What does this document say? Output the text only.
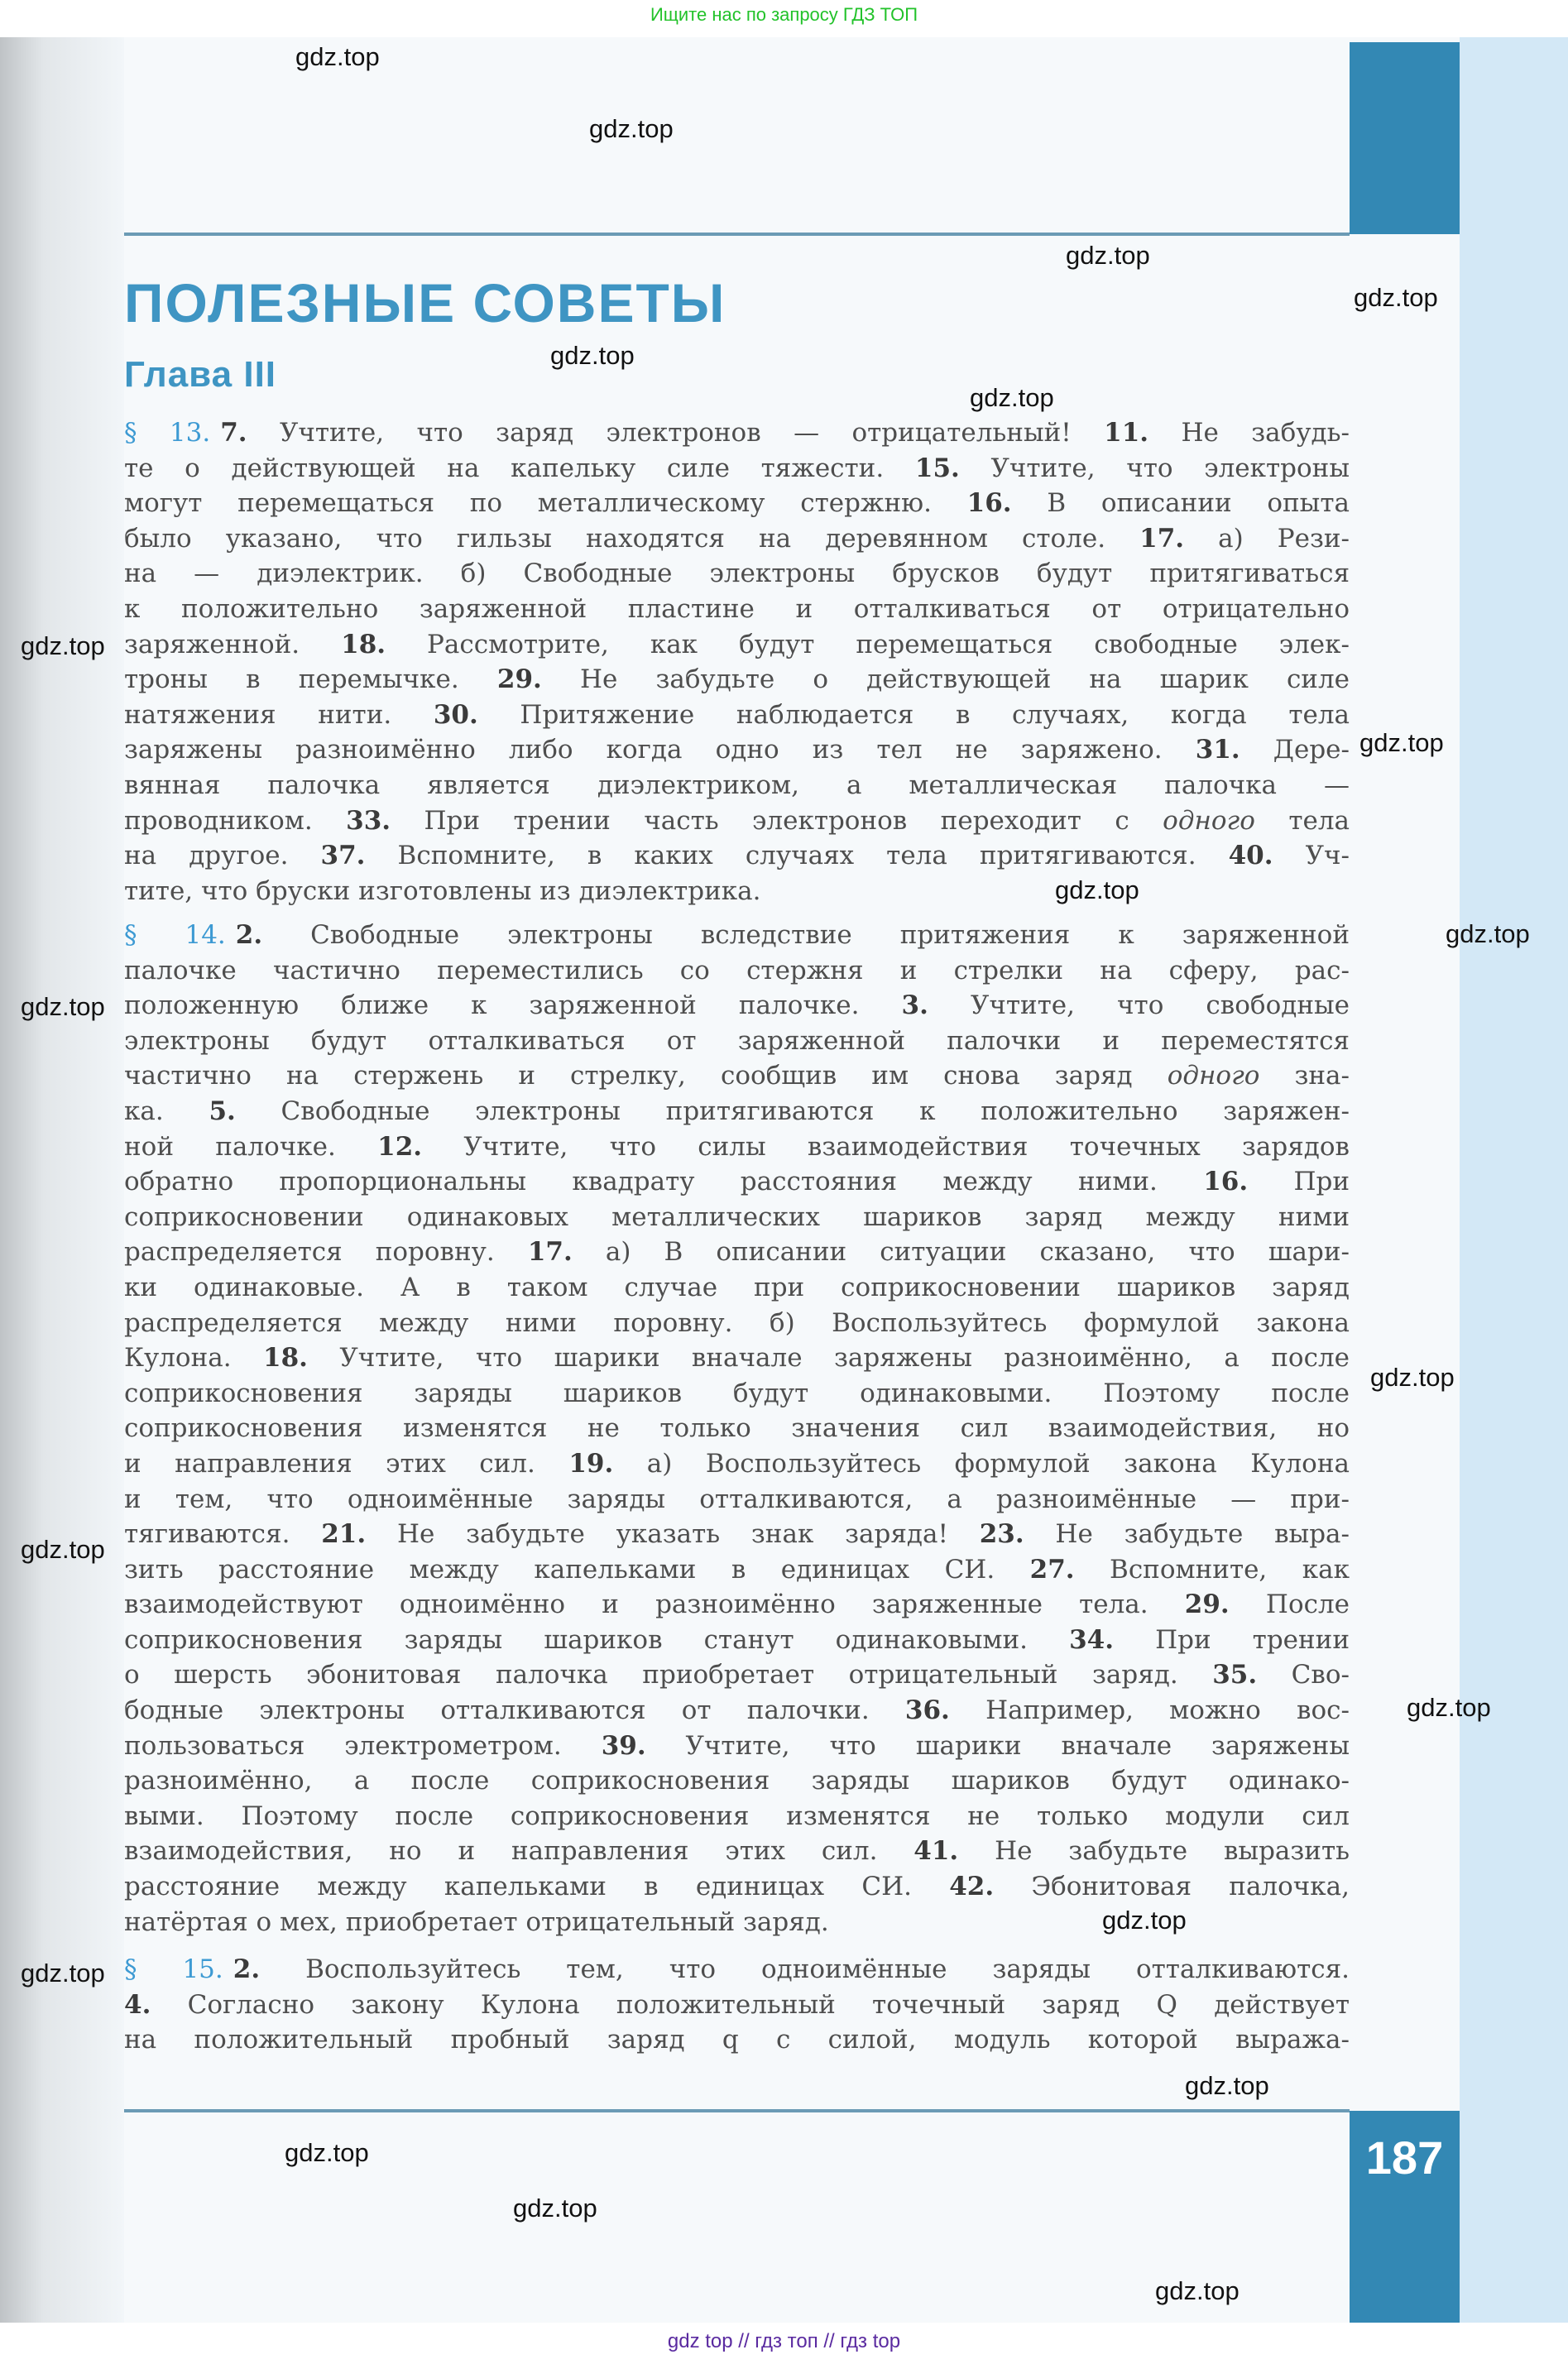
Ищите нас по запросу ГДЗ ТОП
ПОЛЕЗНЫЕ СОВЕТЫ
Глава III
§ 13. 7. Учтите, что заряд электронов — отрицательный! 11. Не забудь-
те о действующей на капельку силе тяжести. 15. Учтите, что электроны
могут перемещаться по металлическому стержню. 16. В описании опыта
было указано, что гильзы находятся на деревянном столе. 17. а) Рези-
на — диэлектрик. б) Свободные электроны брусков будут притягиваться
к положительно заряженной пластине и отталкиваться от отрицательно
заряженной. 18. Рассмотрите, как будут перемещаться свободные элек-
троны в перемычке. 29. Не забудьте о действующей на шарик силе
натяжения нити. 30. Притяжение наблюдается в случаях, когда тела
заряжены разноимённо либо когда одно из тел не заряжено. 31. Дере-
вянная палочка является диэлектриком, а металлическая палочка —
проводником. 33. При трении часть электронов переходит с одного тела
на другое. 37. Вспомните, в каких случаях тела притягиваются. 40. Уч-
тите, что бруски изготовлены из диэлектрика.
§ 14. 2. Свободные электроны вследствие притяжения к заряженной
палочке частично переместились со стержня и стрелки на сферу, рас-
положенную ближе к заряженной палочке. 3. Учтите, что свободные
электроны будут отталкиваться от заряженной палочки и переместятся
частично на стержень и стрелку, сообщив им снова заряд одного зна-
ка. 5. Свободные электроны притягиваются к положительно заряжен-
ной палочке. 12. Учтите, что силы взаимодействия точечных зарядов
обратно пропорциональны квадрату расстояния между ними. 16. При
соприкосновении одинаковых металлических шариков заряд между ними
распределяется поровну. 17. а) В описании ситуации сказано, что шари-
ки одинаковые. А в таком случае при соприкосновении шариков заряд
распределяется между ними поровну. б) Воспользуйтесь формулой закона
Кулона. 18. Учтите, что шарики вначале заряжены разноимённо, а после
соприкосновения заряды шариков будут одинаковыми. Поэтому после
соприкосновения изменятся не только значения сил взаимодействия, но
и направления этих сил. 19. а) Воспользуйтесь формулой закона Кулона
и тем, что одноимённые заряды отталкиваются, а разноимённые — при-
тягиваются. 21. Не забудьте указать знак заряда! 23. Не забудьте выра-
зить расстояние между капельками в единицах СИ. 27. Вспомните, как
взаимодействуют одноимённо и разноимённо заряженные тела. 29. После
соприкосновения заряды шариков станут одинаковыми. 34. При трении
о шерсть эбонитовая палочка приобретает отрицательный заряд. 35. Сво-
бодные электроны отталкиваются от палочки. 36. Например, можно вос-
пользоваться электрометром. 39. Учтите, что шарики вначале заряжены
разноимённо, а после соприкосновения заряды шариков будут одинако-
выми. Поэтому после соприкосновения изменятся не только модули сил
взаимодействия, но и направления этих сил. 41. Не забудьте выразить
расстояние между капельками в единицах СИ. 42. Эбонитовая палочка,
натёртая о мех, приобретает отрицательный заряд.
§ 15. 2. Воспользуйтесь тем, что одноимённые заряды отталкиваются.
4. Согласно закону Кулона положительный точечный заряд Q действует
на положительный пробный заряд q с силой, модуль которой выража-
187
gdz.top
gdz.top
gdz.top
gdz.top
gdz.top
gdz.top
gdz.top
gdz.top
gdz.top
gdz.top
gdz.top
gdz.top
gdz.top
gdz.top
gdz.top
gdz.top
gdz.top
gdz.top
gdz.top
gdz.top
gdz top // гдз топ // гдз top
